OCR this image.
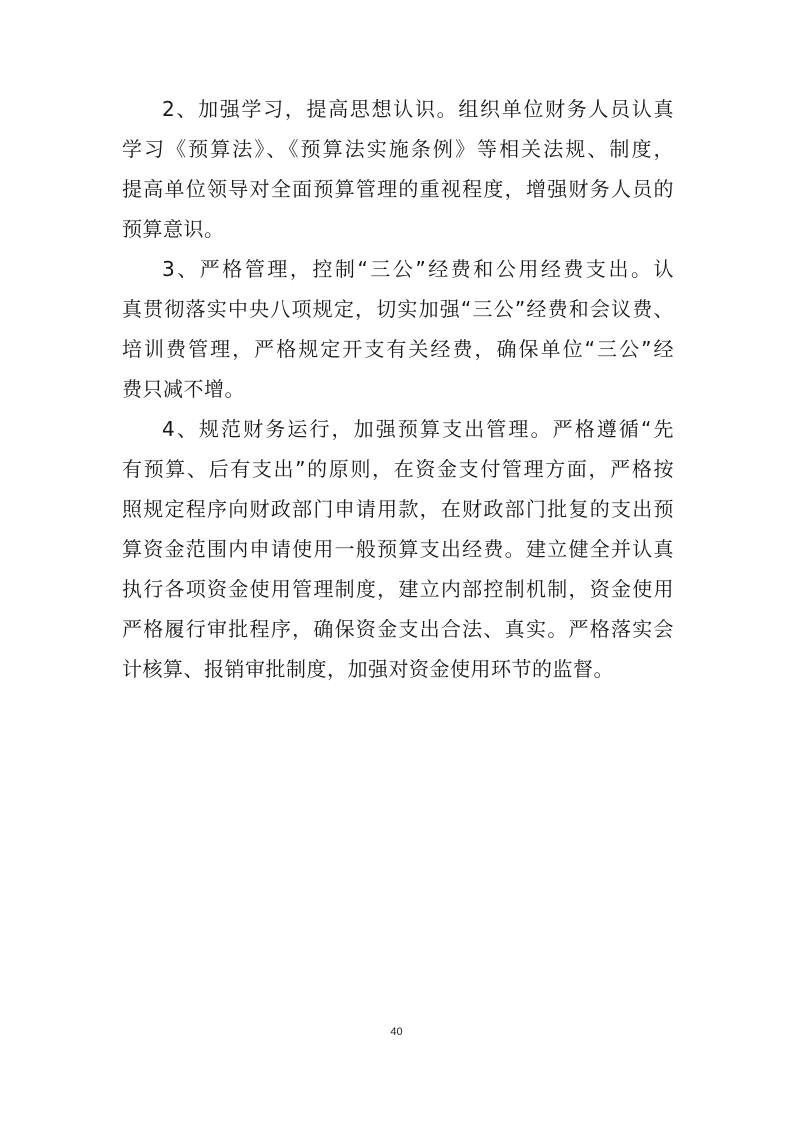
2、加强学习，提高思想认识。组织单位财务人员认真
学习《预算法》、《预算法实施条例》等相关法规、制度，
提高单位领导对全面预算管理的重视程度，增强财务人员的
预算意识。
3、严格管理，控制“三公”经费和公用经费支出。认
真贯彻落实中央八项规定，切实加强“三公”经费和会议费、
培训费管理，严格规定开支有关经费，确保单位“三公”经
费只减不增。
4、规范财务运行，加强预算支出管理。严格遵循“先
有预算、后有支出”的原则，在资金支付管理方面，严格按
照规定程序向财政部门申请用款，在财政部门批复的支出预
算资金范围内申请使用一般预算支出经费。建立健全并认真
执行各项资金使用管理制度，建立内部控制机制，资金使用
严格履行审批程序，确保资金支出合法、真实。严格落实会
计核算、报销审批制度，加强对资金使用环节的监督。
40
